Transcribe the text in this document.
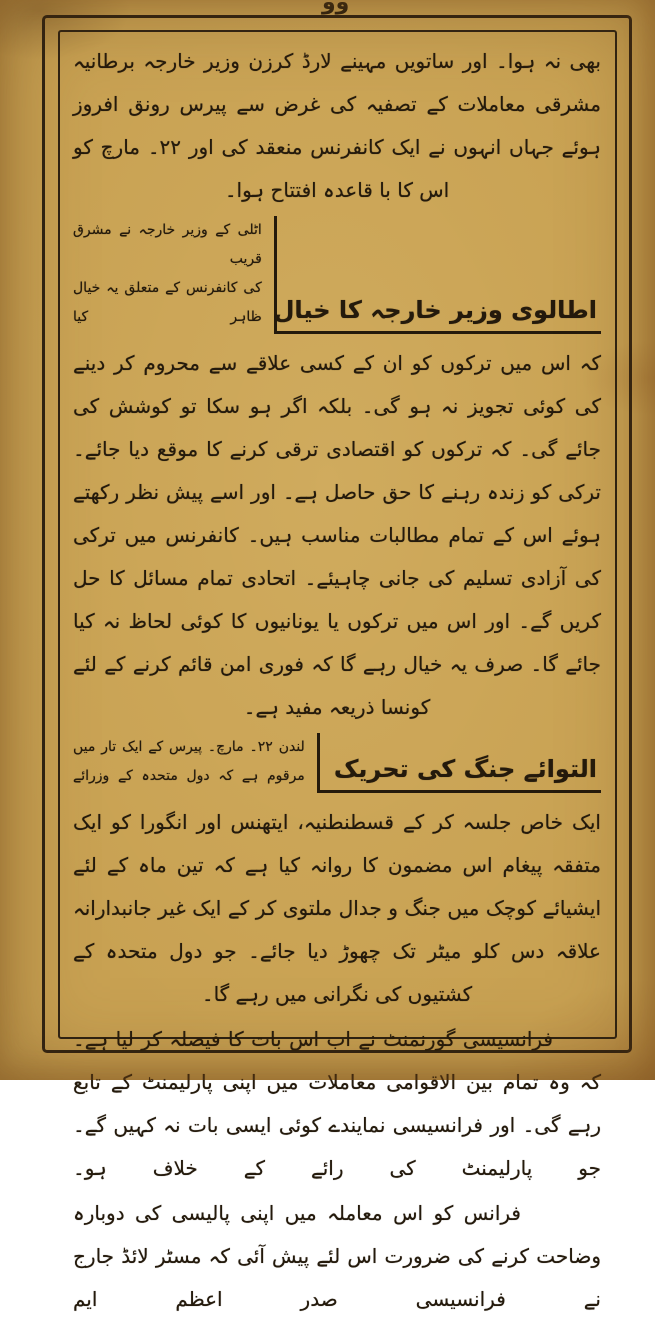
وو

بھی نہ ہوا۔ اور ساتویں مہینے لارڈ کرزن وزیر خارجہ برطانیہ مشرقی معاملات کے تصفیہ کی غرض سے پیرس رونق افروز ہوئے جہاں انہوں نے ایک کانفرنس منعقد کی اور ۲۲۔ مارچ کو اس کا با قاعدہ افتتاح ہوا۔

اطالوی وزیر خارجہ کا خیال
اٹلی کے وزیر خارجہ نے مشرق قریب
کی کانفرنس کے متعلق یہ خیال ظاہر کیا

کہ اس میں ترکوں کو ان کے کسی علاقے سے محروم کر دینے کی کوئی تجویز نہ ہو گی۔ بلکہ اگر ہو سکا تو کوشش کی جائے گی۔ کہ ترکوں کو اقتصادی ترقی کرنے کا موقع دیا جائے۔ ترکی کو زندہ رہنے کا حق حاصل ہے۔ اور اسے پیش نظر رکھتے ہوئے اس کے تمام مطالبات مناسب ہیں۔ کانفرنس میں ترکی کی آزادی تسلیم کی جانی چاہیئے۔ اتحادی تمام مسائل کا حل کریں گے۔ اور اس میں ترکوں یا یونانیوں کا کوئی لحاظ نہ کیا جائے گا۔ صرف یہ خیال رہے گا کہ فوری امن قائم کرنے کے لئے کونسا ذریعہ مفید ہے۔

التوائے جنگ کی تحریک
لندن ۲۲۔ مارچ۔ پیرس کے ایک تار میں
مرقوم ہے کہ دول متحدہ کے وزرائے

ایک خاص جلسہ کر کے قسطنطنیہ، ایتھنس اور انگورا کو ایک متفقہ پیغام اس مضمون کا روانہ کیا ہے کہ تین ماہ کے لئے ایشیائے کوچک میں جنگ و جدال ملتوی کر کے ایک غیر جانبدارانہ علاقہ دس کلو میٹر تک چھوڑ دیا جائے۔ جو دول متحدہ کے کشتیوں کی نگرانی میں رہے گا۔

فرانسیسی گورنمنٹ نے اب اس بات کا فیصلہ کر لیا ہے۔ کہ وہ تمام بین الاقوامی معاملات میں اپنی پارلیمنٹ کے تابع رہے گی۔ اور فرانسیسی نمایندے کوئی ایسی بات نہ کہیں گے۔ جو پارلیمنٹ کی رائے کے خلاف ہو۔

فرانس کو اس معاملہ میں اپنی پالیسی کی دوبارہ وضاحت کرنے کی ضرورت اس لئے پیش آئی کہ مسٹر لائڈ جارج نے فرانسیسی صدر اعظم ایم
